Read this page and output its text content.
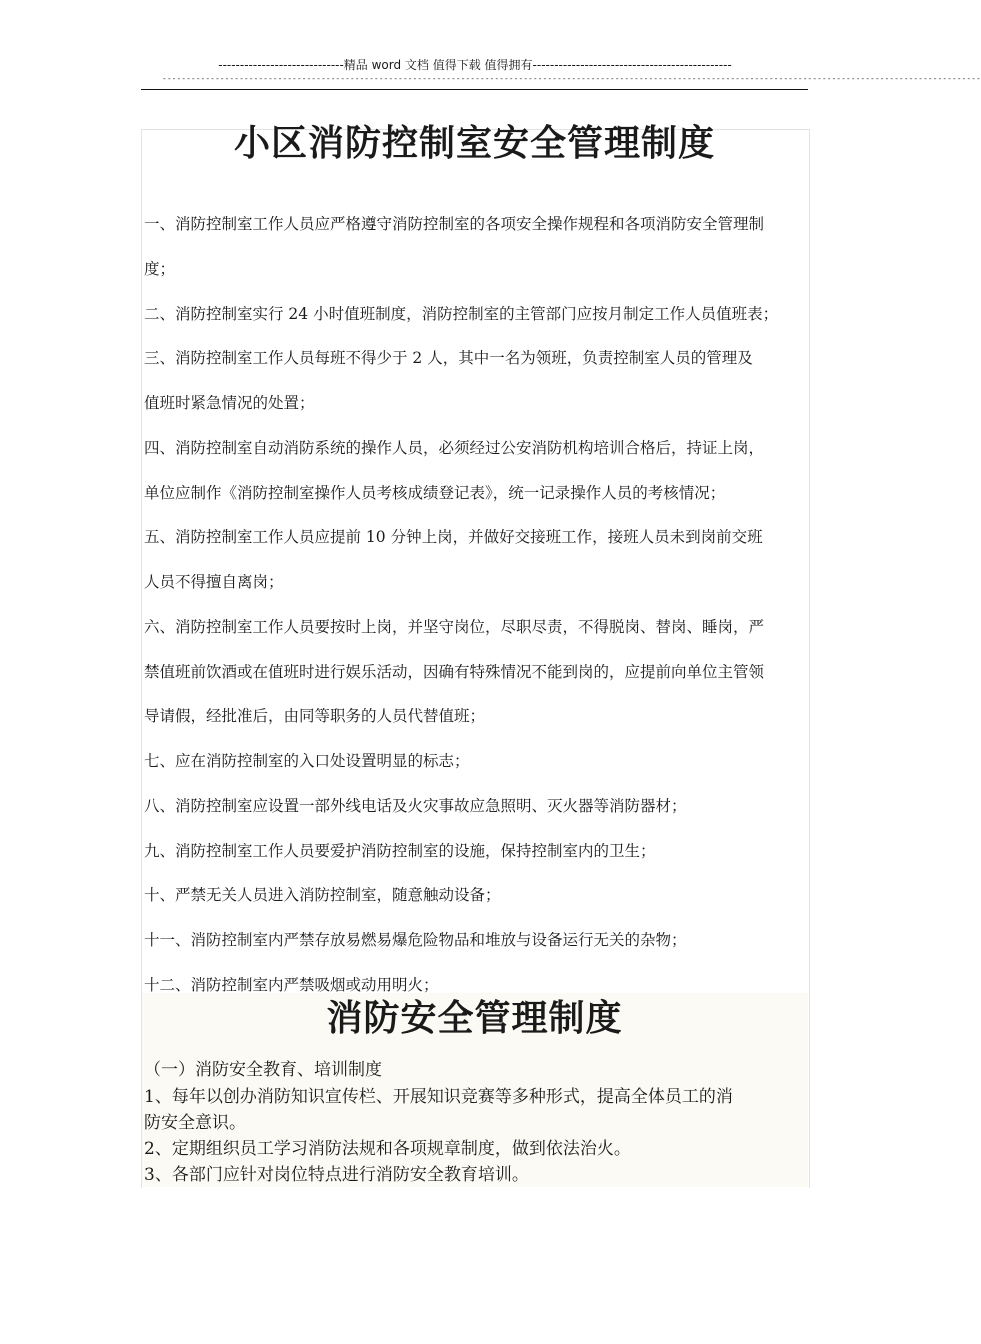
-----------------------------精品 word 文档 值得下载 值得拥有----------------------------------------------
--------------------------------------------------------------------------------------------------------------------------------------------------------------------------
小区消防控制室安全管理制度
一、消防控制室工作人员应严格遵守消防控制室的各项安全操作规程和各项消防安全管理制
度；
二、消防控制室实行 24 小时值班制度，消防控制室的主管部门应按月制定工作人员值班表；
三、消防控制室工作人员每班不得少于 2 人，其中一名为领班，负责控制室人员的管理及
值班时紧急情况的处置；
四、消防控制室自动消防系统的操作人员，必须经过公安消防机构培训合格后，持证上岗，
单位应制作《消防控制室操作人员考核成绩登记表》，统一记录操作人员的考核情况；
五、消防控制室工作人员应提前 10 分钟上岗，并做好交接班工作，接班人员未到岗前交班
人员不得擅自离岗；
六、消防控制室工作人员要按时上岗，并坚守岗位，尽职尽责，不得脱岗、替岗、睡岗，严
禁值班前饮酒或在值班时进行娱乐活动，因确有特殊情况不能到岗的，应提前向单位主管领
导请假，经批准后，由同等职务的人员代替值班；
七、应在消防控制室的入口处设置明显的标志；
八、消防控制室应设置一部外线电话及火灾事故应急照明、灭火器等消防器材；
九、消防控制室工作人员要爱护消防控制室的设施，保持控制室内的卫生；
十、严禁无关人员进入消防控制室，随意触动设备；
十一、消防控制室内严禁存放易燃易爆危险物品和堆放与设备运行无关的杂物；
十二、消防控制室内严禁吸烟或动用明火；
消防安全管理制度
（一）消防安全教育、培训制度
1、每年以创办消防知识宣传栏、开展知识竞赛等多种形式，提高全体员工的消
防安全意识。
2、定期组织员工学习消防法规和各项规章制度，做到依法治火。
3、各部门应针对岗位特点进行消防安全教育培训。
